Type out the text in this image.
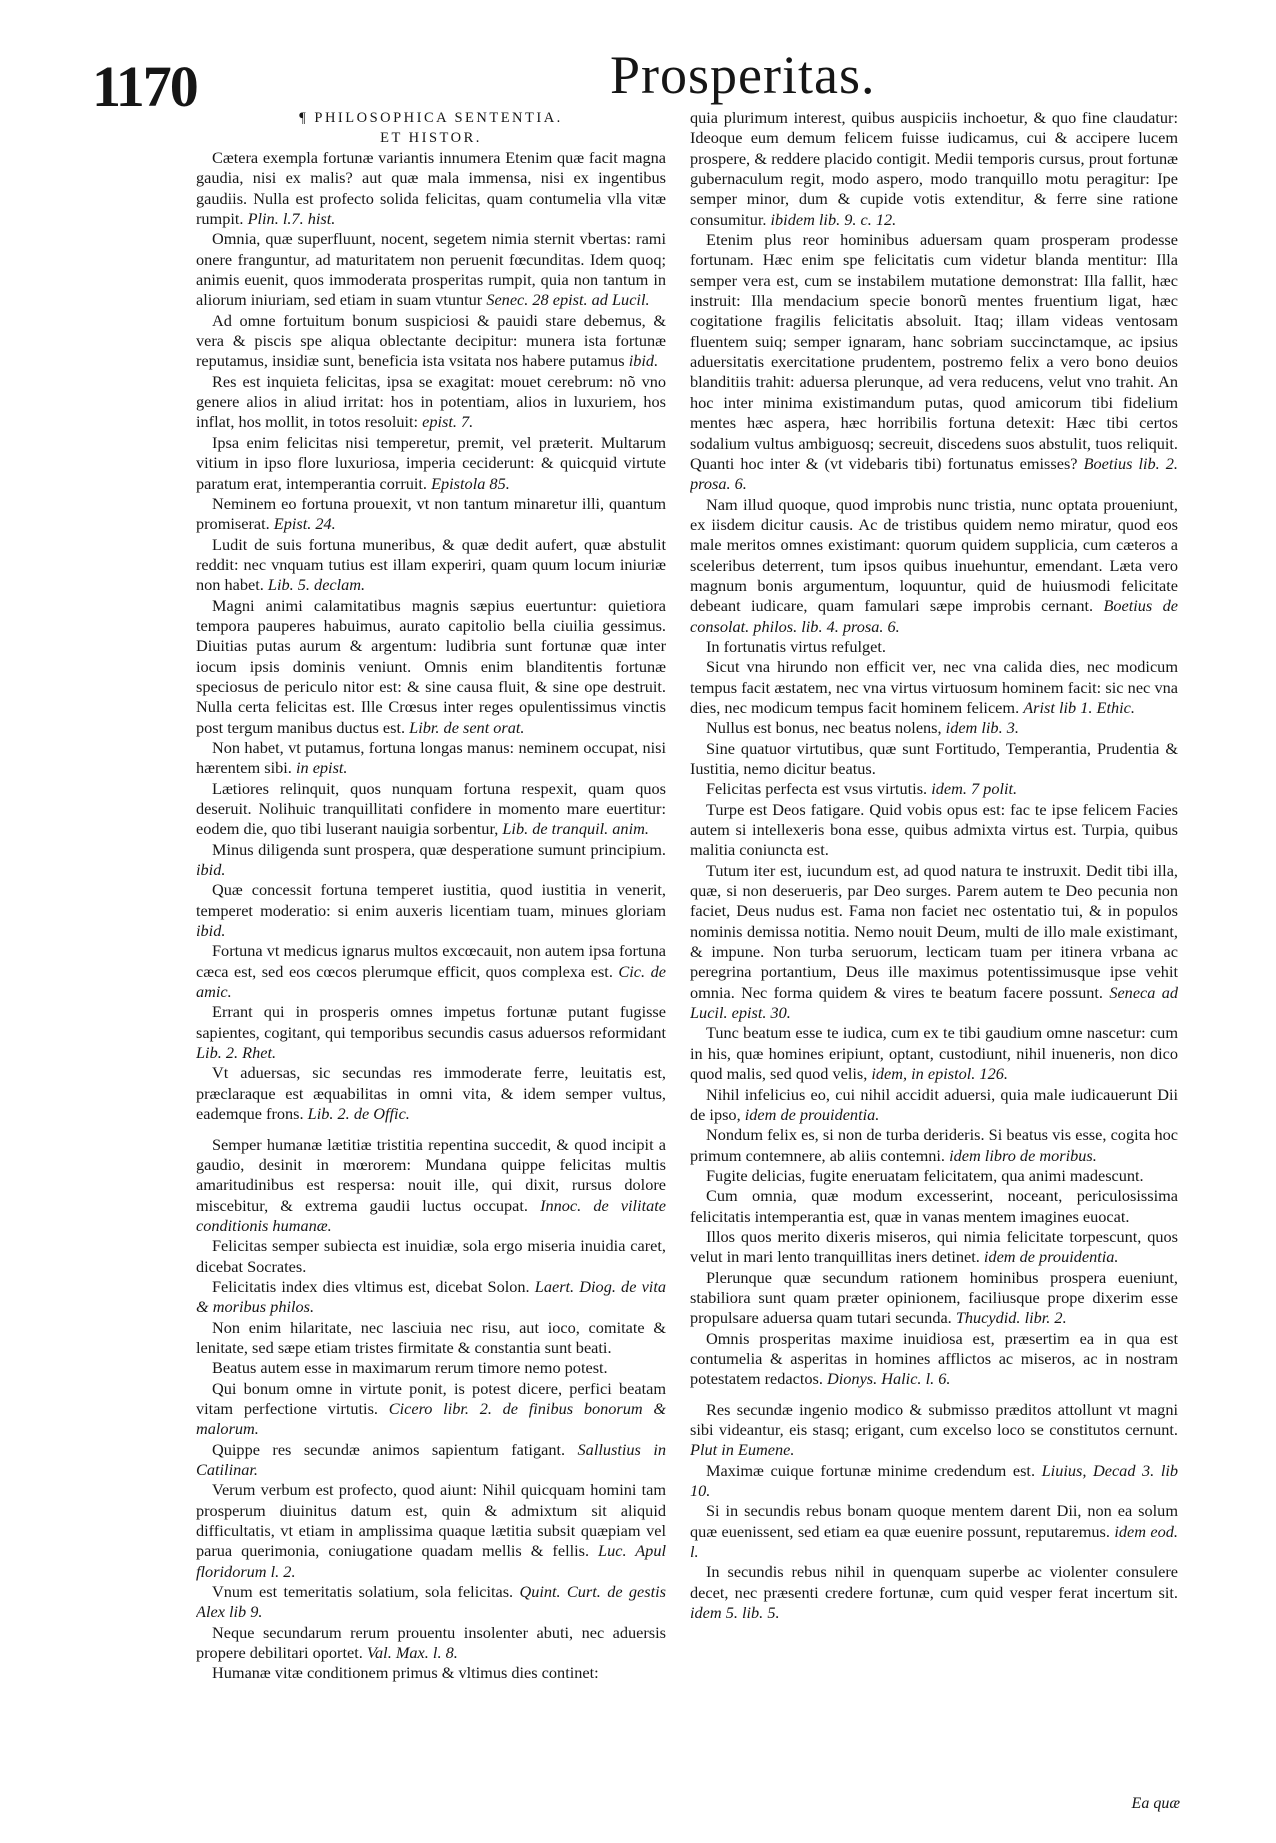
1170	Prosperitas.
¶ PHILOSOPHICA SENTENTIA.
ET HISTOR.

Cætera exempla fortunæ variantis innumera Etenim quæ facit magna gaudia, nisi ex malis? aut quæ mala immensa, nisi ex ingentibus gaudiis. Nulla est profecto solida felicitas, quam contumelia vlla vitæ rumpit. Plin. l.7. hist.

Omnia, quæ superfluunt, nocent, segetem nimia sternit vbertas: rami onere franguntur, ad maturitatem non peruenit fœcunditas. Idem quoq; animis euenit, quos immoderata prosperitas rumpit, quia non tantum in aliorum iniuriam, sed etiam in suam vtuntur Senec. 28 epist. ad Lucil.

Ad omne fortuitum bonum suspiciosi & pauidi stare debemus, & vera & piscis spe aliqua oblectante decipitur: munera ista fortunæ reputamus, insidiæ sunt, beneficia ista vsitata nos habere putamus ibid.

Res est inquieta felicitas, ipsa se exagitat: mouet cerebrum: nõ vno genere alios in aliud irritat: hos in potentiam, alios in luxuriem, hos inflat, hos mollit, in totos resoluit: epist. 7.

Ipsa enim felicitas nisi temperetur, premit, vel præterit. Multarum vitium in ipso flore luxuriosa, imperia ceciderunt: & quicquid virtute paratum erat, intemperantia corruit. Epistola 85.

Neminem eo fortuna prouexit, vt non tantum minaretur illi, quantum promiserat. Epist. 24.

Ludit de suis fortuna muneribus, & quæ dedit aufert, quæ abstulit reddit: nec vnquam tutius est illam experiri, quam quum locum iniuriæ non habet. Lib. 5. declam.

Magni animi calamitatibus magnis sæpius euertuntur: quietiora tempora pauperes habuimus, aurato capitolio bella ciuilia gessimus. Diuitias putas aurum & argentum: ludibria sunt fortunæ quæ inter iocum ipsis dominis veniunt. Omnis enim blanditentis fortunæ speciosus de periculo nitor est: & sine causa fluit, & sine ope destruit. Nulla certa felicitas est. Ille Crœsus inter reges opulentissimus vinctis post tergum manibus ductus est. Libr. de sent orat.

Non habet, vt putamus, fortuna longas manus: neminem occupat, nisi hærentem sibi. in epist.

Lætiores relinquit, quos nunquam fortuna respexit, quam quos deseruit. Nolihuic tranquillitati confidere in momento mare euertitur: eodem die, quo tibi luserant nauigia sorbentur, Lib. de tranquil. anim.

Minus diligenda sunt prospera, quæ desperatione sumunt principium. ibid.

Quæ concessit fortuna temperet iustitia, quod iustitia in venerit, temperet moderatio: si enim auxeris licentiam tuam, minues gloriam ibid.

Fortuna vt medicus ignarus multos excœcauit, non autem ipsa fortuna cæca est, sed eos cœcos plerumque efficit, quos complexa est. Cic. de amic.

Errant qui in prosperis omnes impetus fortunæ putant fugisse sapientes, cogitant, qui temporibus secundis casus aduersos reformidant Lib. 2. Rhet.

Vt aduersas, sic secundas res immoderate ferre, leuitatis est, præclaraque est æquabilitas in omni vita, & idem semper vultus, eademque frons. Lib. 2. de Offic.

Semper humanæ lætitiæ tristitia repentina succedit, & quod incipit a gaudio, desinit in mœrorem: Mundana quippe felicitas multis amaritudinibus est respersa: nouit ille, qui dixit, rursus dolore miscebitur, & extrema gaudii luctus occupat. Innoc. de vilitate conditionis humanæ.

Felicitas semper subiecta est inuidiæ, sola ergo miseria inuidia caret, dicebat Socrates.

Felicitatis index dies vltimus est, dicebat Solon. Laert. Diog. de vita & moribus philos.

Non enim hilaritate, nec lasciuia nec risu, aut ioco, comitate & lenitate, sed sæpe etiam tristes firmitate & constantia sunt beati.

Beatus autem esse in maximarum rerum timore nemo potest.

Qui bonum omne in virtute ponit, is potest dicere, perfici beatam vitam perfectione virtutis. Cicero libr. 2. de finibus bonorum & malorum.

Quippe res secundæ animos sapientum fatigant. Sallustius in Catilinar.

Verum verbum est profecto, quod aiunt: Nihil quicquam homini tam prosperum diuinitus datum est, quin & admixtum sit aliquid difficultatis, vt etiam in amplissima quaque lætitia subsit quæpiam vel parua querimonia, coniugatione quadam mellis & fellis. Luc. Apul floridorum l. 2.

Vnum est temeritatis solatium, sola felicitas. Quint. Curt. de gestis Alex lib 9.

Neque secundarum rerum prouentu insolenter abuti, nec aduersis propere debilitari oportet. Val. Max. l. 8.

Humanæ vitæ conditionem primus & vltimus dies continet:

quia plurimum interest, quibus auspiciis inchoetur, & quo fine claudatur: Ideoque eum demum felicem fuisse iudicamus, cui & accipere lucem prospere, & reddere placido contigit. Medii temporis cursus, prout fortunæ gubernaculum regit, modo aspero, modo tranquillo motu peragitur: Ipe semper minor, dum & cupide votis extenditur, & ferre sine ratione consumitur. ibidem lib. 9. c. 12.

Etenim plus reor hominibus aduersam quam prosperam prodesse fortunam. Hæc enim spe felicitatis cum videtur blanda mentitur: Illa semper vera est, cum se instabilem mutatione demonstrat: Illa fallit, hæc instruit: Illa mendacium specie bonorũ mentes fruentium ligat, hæc cogitatione fragilis felicitatis absoluit. Itaq; illam videas ventosam fluentem suiq; semper ignaram, hanc sobriam succinctamque, ac ipsius aduersitatis exercitatione prudentem, postremo felix a vero bono deuios blanditiis trahit: aduersa plerunque, ad vera reducens, velut vno trahit. An hoc inter minima existimandum putas, quod amicorum tibi fidelium mentes hæc aspera, hæc horribilis fortuna detexit: Hæc tibi certos sodalium vultus ambiguosq; secreuit, discedens suos abstulit, tuos reliquit. Quanti hoc inter & (vt videbaris tibi) fortunatus emisses? Boetius lib. 2. prosa. 6.

Nam illud quoque, quod improbis nunc tristia, nunc optata proueniunt, ex iisdem dicitur causis. Ac de tristibus quidem nemo miratur, quod eos male meritos omnes existimant: quorum quidem supplicia, cum cæteros a sceleribus deterrent, tum ipsos quibus inuehuntur, emendant. Læta vero magnum bonis argumentum, loquuntur, quid de huiusmodi felicitate debeant iudicare, quam famulari sæpe improbis cernant. Boetius de consolat. philos. lib. 4. prosa. 6.

In fortunatis virtus refulget.

Sicut vna hirundo non efficit ver, nec vna calida dies, nec modicum tempus facit æstatem, nec vna virtus virtuosum hominem facit: sic nec vna dies, nec modicum tempus facit hominem felicem. Arist lib 1. Ethic.

Nullus est bonus, nec beatus nolens, idem lib. 3.

Sine quatuor virtutibus, quæ sunt Fortitudo, Temperantia, Prudentia & Iustitia, nemo dicitur beatus.

Felicitas perfecta est vsus virtutis. idem. 7 polit.

Turpe est Deos fatigare. Quid vobis opus est: fac te ipse felicem Facies autem si intellexeris bona esse, quibus admixta virtus est. Turpia, quibus malitia coniuncta est.

Tutum iter est, iucundum est, ad quod natura te instruxit. Dedit tibi illa, quæ, si non deserueris, par Deo surges. Parem autem te Deo pecunia non faciet, Deus nudus est. Fama non faciet nec ostentatio tui, & in populos nominis demissa notitia. Nemo nouit Deum, multi de illo male existimant, & impune. Non turba seruorum, lecticam tuam per itinera vrbana ac peregrina portantium, Deus ille maximus potentissimusque ipse vehit omnia. Nec forma quidem & vires te beatum facere possunt. Seneca ad Lucil. epist. 30.

Tunc beatum esse te iudica, cum ex te tibi gaudium omne nascetur: cum in his, quæ homines eripiunt, optant, custodiunt, nihil inueneris, non dico quod malis, sed quod velis, idem, in epistol. 126.

Nihil infelicius eo, cui nihil accidit aduersi, quia male iudicauerunt Dii de ipso, idem de prouidentia.

Nondum felix es, si non de turba derideris. Si beatus vis esse, cogita hoc primum contemnere, ab aliis contemni. idem libro de moribus.

Fugite delicias, fugite eneruatam felicitatem, qua animi madescunt.

Cum omnia, quæ modum excesserint, noceant, periculosissima felicitatis intemperantia est, quæ in vanas mentem imagines euocat.

Illos quos merito dixeris miseros, qui nimia felicitate torpescunt, quos velut in mari lento tranquillitas iners detinet. idem de prouidentia.

Plerunque quæ secundum rationem hominibus prospera eueniunt, stabiliora sunt quam præter opinionem, faciliusque prope dixerim esse propulsare aduersa quam tutari secunda. Thucydid. libr. 2.

Omnis prosperitas maxime inuidiosa est, præsertim ea in qua est contumelia & asperitas in homines afflictos ac miseros, ac in nostram potestatem redactos. Dionys. Halic. l. 6.

Res secundæ ingenio modico & submisso præditos attollunt vt magni sibi videantur, eis stasq; erigant, cum excelso loco se constitutos cernunt. Plut in Eumene.

Maximæ cuique fortunæ minime credendum est. Liuius, Decad 3. lib 10.

Si in secundis rebus bonam quoque mentem darent Dii, non ea solum quæ euenissent, sed etiam ea quæ euenire possunt, reputaremus. idem eod. l.

In secundis rebus nihil in quenquam superbe ac violenter consulere decet, nec præsenti credere fortunæ, cum quid vesper ferat incertum sit. idem 5. lib. 5.

Ea quæ
